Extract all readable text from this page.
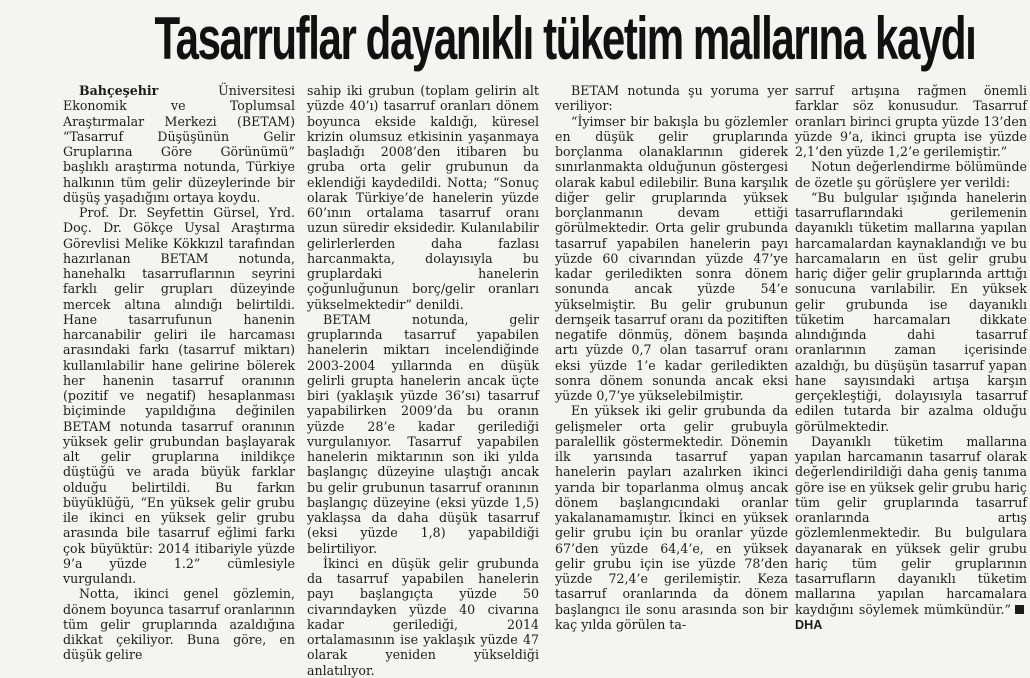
Tasarruflar dayanıklı tüketim mallarına kaydı

Bahçeşehir Üniversitesi Ekonomik ve Toplumsal Araştırmalar Merkezi (BETAM) “Tasarruf Düşüşünün Gelir Gruplarına Göre Görünümü” başlıklı araştırma notunda, Türkiye halkının tüm gelir düzeylerinde bir düşüş yaşadığını ortaya koydu.

Prof. Dr. Seyfettin Gürsel, Yrd. Doç. Dr. Gökçe Uysal Araştırma Görevlisi Melike Kökkızıl tarafından hazırlanan BETAM notunda, hanehalkı tasarruflarının seyrini farklı gelir grupları düzeyinde mercek altına alındığı belirtildi. Hane tasarrufunun hanenin harcanabilir geliri ile harcaması arasındaki farkı (tasarruf miktarı) kullanılabilir hane gelirine bölerek her hanenin tasarruf oranının (pozitif ve negatif) hesaplanması biçiminde yapıldığına değinilen BETAM notunda tasarruf oranının yüksek gelir grubundan başlayarak alt gelir gruplarına inildikçe düştüğü ve arada büyük farklar olduğu belirtildi. Bu farkın büyüklüğü, “En yüksek gelir grubu ile ikinci en yüksek gelir grubu arasında bile tasarruf eğlimi farkı çok büyüktür: 2014 itibariyle yüzde 9’a yüzde 1.2” cümlesiyle vurgulandı.

Notta, ikinci genel gözlemin, dönem boyunca tasarruf oranlarının tüm gelir gruplarında azaldığına dikkat çekiliyor. Buna göre, en düşük gelire

sahip iki grubun (toplam gelirin alt yüzde 40’ı) tasarruf oranları dönem boyunca ekside kaldığı, küresel krizin olumsuz etkisinin yaşanmaya başladığı 2008’den itibaren bu gruba orta gelir grubunun da eklendiği kaydedildi. Notta; “Sonuç olarak Türkiye’de hanelerin yüzde 60’ının ortalama tasarruf oranı uzun süredir eksidedir. Kulanılabilir gelirlerlerden daha fazlası harcanmakta, dolayısıyla bu gruplardaki hanelerin çoğunluğunun borç/gelir oranları yükselmektedir” denildi.

BETAM notunda, gelir gruplarında tasarruf yapabilen hanelerin miktarı incelendiğinde 2003-2004 yıllarında en düşük gelirli grupta hanelerin ancak üçte biri (yaklaşık yüzde 36’sı) tasarruf yapabilirken 2009’da bu oranın yüzde 28’e kadar gerilediği vurgulanıyor. Tasarruf yapabilen hanelerin miktarının son iki yılda başlangıç düzeyine ulaştığı ancak bu gelir grubunun tasarruf oranının başlangıç düzeyine (eksi yüzde 1,5) yaklaşsa da daha düşük tasarruf (eksi yüzde 1,8) yapabildiği belirtiliyor.

İkinci en düşük gelir grubunda da tasarruf yapabilen hanelerin payı başlangıçta yüzde 50 civarındayken yüzde 40 civarına kadar gerilediği, 2014 ortalamasının ise yaklaşık yüzde 47 olarak yeniden yükseldiği anlatılıyor.

BETAM notunda şu yoruma yer veriliyor:

“İyimser bir bakışla bu gözlemler en düşük gelir gruplarında borçlanma olanaklarının giderek sınırlanmakta olduğunun göstergesi olarak kabul edilebilir. Buna karşılık diğer gelir gruplarında yüksek borçlanmanın devam ettiği görülmektedir. Orta gelir grubunda tasarruf yapabilen hanelerin payı yüzde 60 civarından yüzde 47’ye kadar geriledikten sonra dönem sonunda ancak yüzde 54’e yükselmiştir. Bu gelir grubunun dernşeik tasarruf oranı da pozitiften negatife dönmüş, dönem başında artı yüzde 0,7 olan tasarruf oranı eksi yüzde 1’e kadar geriledikten sonra dönem sonunda ancak eksi yüzde 0,7’ye yükselebilmiştir.

En yüksek iki gelir grubunda da gelişmeler orta gelir grubuyla paralellik göstermektedir. Dönemin ilk yarısında tasarruf yapan hanelerin payları azalırken ikinci yarıda bir toparlanma olmuş ancak dönem başlangıcındaki oranlar yakalanamamıştır. İkinci en yüksek gelir grubu için bu oranlar yüzde 67’den yüzde 64,4’e, en yüksek gelir grubu için ise yüzde 78’den yüzde 72,4’e gerilemiştir. Keza tasarruf oranlarında da dönem başlangıcı ile sonu arasında son bir kaç yılda görülen ta-

sarruf artışına rağmen önemli farklar söz konusudur. Tasarruf oranları birinci grupta yüzde 13’den yüzde 9’a, ikinci grupta ise yüzde 2,1’den yüzde 1,2’e gerilemiştir.”

Notun değerlendirme bölümünde de özetle şu görüşlere yer verildi:

“Bu bulgular ışığında hanelerin tasarruflarındaki gerilemenin dayanıklı tüketim mallarına yapılan harcamalardan kaynaklandığı ve bu harcamaların en üst gelir grubu hariç diğer gelir gruplarında arttığı sonucuna varılabilir. En yüksek gelir grubunda ise dayanıklı tüketim harcamaları dikkate alındığında dahi tasarruf oranlarının zaman içerisinde azaldığı, bu düşüşün tasarruf yapan hane sayısındaki artışa karşın gerçekleştiği, dolayısıyla tasarruf edilen tutarda bir azalma olduğu görülmektedir.

Dayanıklı tüketim mallarına yapılan harcamanın tasarruf olarak değerlendirildiği daha geniş tanıma göre ise en yüksek gelir grubu hariç tüm gelir gruplarında tasarruf oranlarında artış gözlemlenmektedir. Bu bulgulara dayanarak en yüksek gelir grubu hariç tüm gelir gruplarının tasarrufların dayanıklı tüketim mallarına yapılan harcamalara kaydığını söylemek mümkündür.”DHA
